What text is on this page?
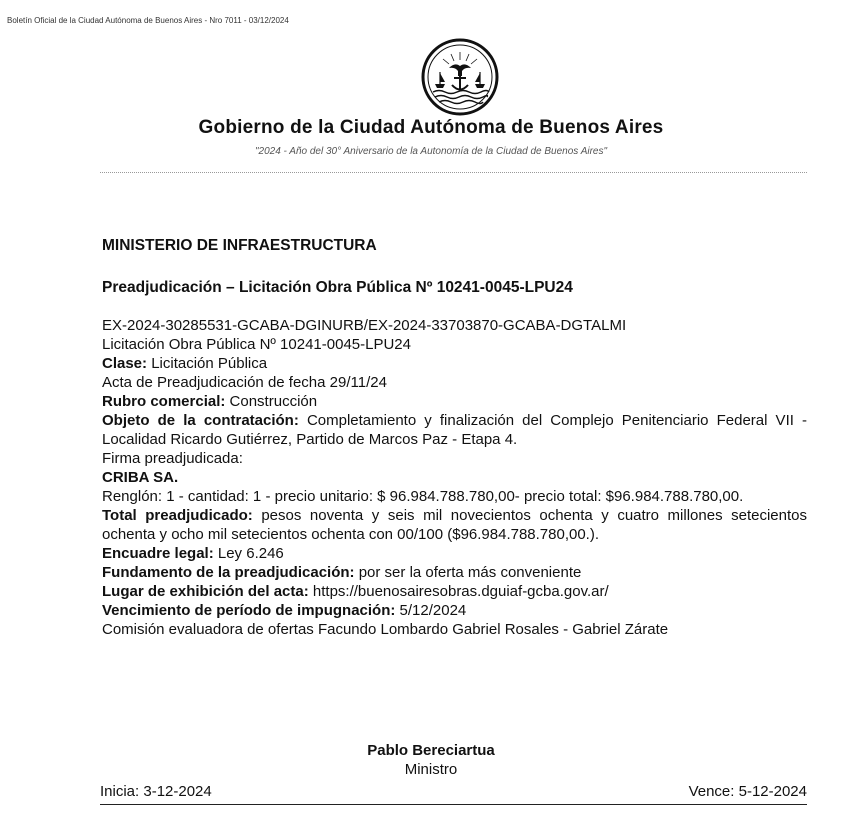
Boletín Oficial de la Ciudad Autónoma de Buenos Aires - Nro 7011 - 03/12/2024
Gobierno de la Ciudad Autónoma de Buenos Aires
"2024 - Año del 30° Aniversario de la Autonomía de la Ciudad de Buenos Aires"

MINISTERIO DE INFRAESTRUCTURA

Preadjudicación – Licitación Obra Pública Nº 10241-0045-LPU24

EX-2024-30285531-GCABA-DGINURB/EX-2024-33703870-GCABA-DGTALMI

Licitación Obra Pública Nº 10241-0045-LPU24

Clase: Licitación Pública

Acta de Preadjudicación de fecha 29/11/24

Rubro comercial: Construcción

Objeto de la contratación: Completamiento y finalización del Complejo Penitenciario Federal VII - Localidad Ricardo Gutiérrez, Partido de Marcos Paz - Etapa 4.

Firma preadjudicada:

CRIBA SA.

Renglón: 1 - cantidad: 1 - precio unitario: $ 96.984.788.780,00- precio total: $96.984.788.780,00.

Total preadjudicado: pesos noventa y seis mil novecientos ochenta y cuatro millones setecientos ochenta y ocho mil setecientos ochenta con 00/100 ($96.984.788.780,00.).

Encuadre legal: Ley 6.246

Fundamento de la preadjudicación: por ser la oferta más conveniente

Lugar de exhibición del acta: https://buenosairesobras.dguiaf-gcba.gov.ar/

Vencimiento de período de impugnación: 5/12/2024

Comisión evaluadora de ofertas Facundo Lombardo Gabriel Rosales - Gabriel Zárate

Pablo Bereciartua
Ministro
Inicia: 3-12-2024	Vence: 5-12-2024
